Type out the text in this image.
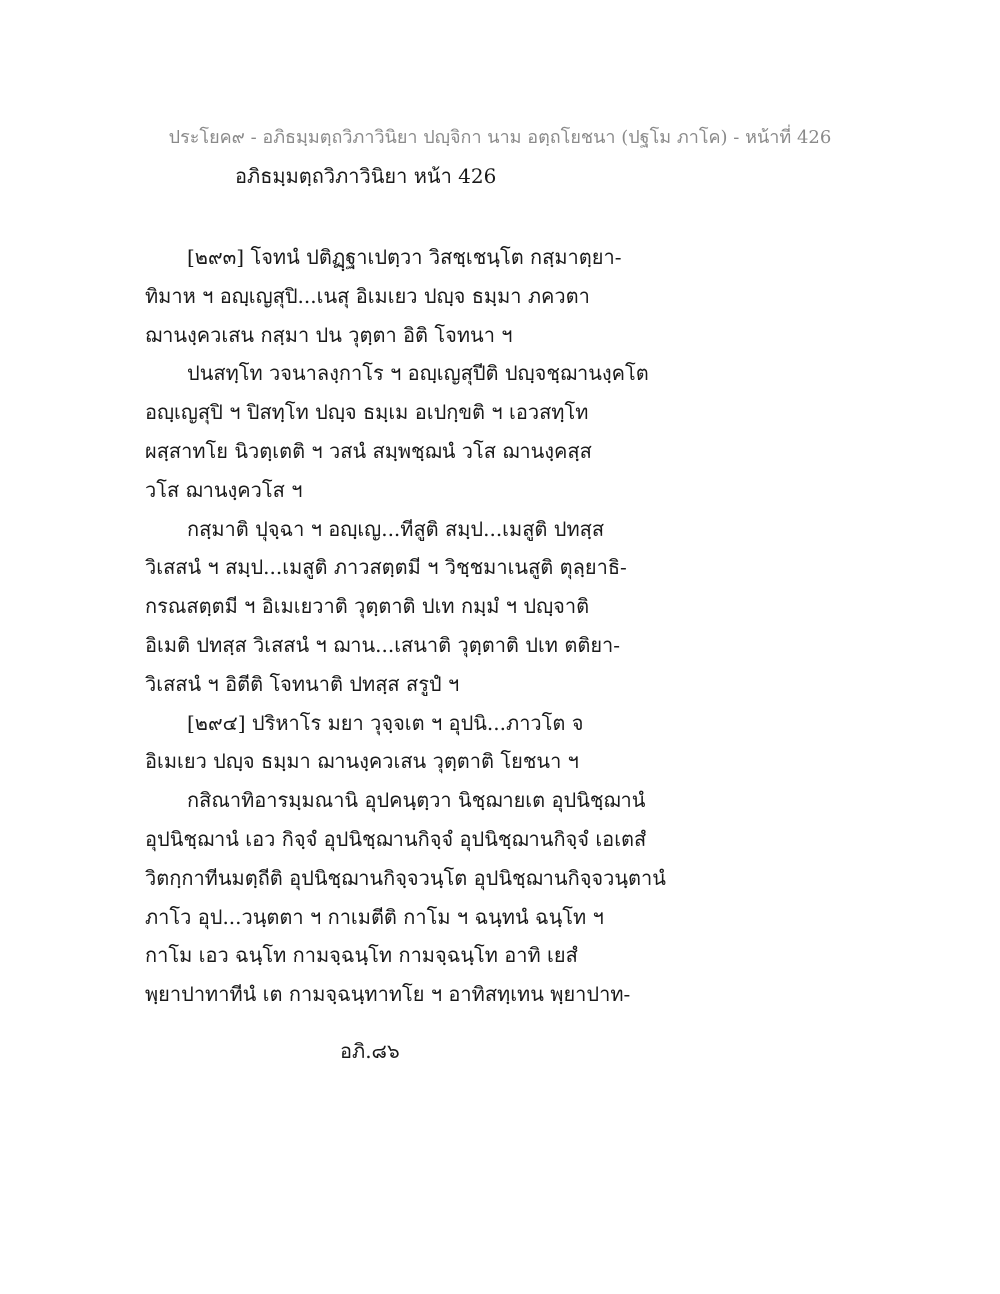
ประโยค๙ - อภิธมฺมตฺถวิภาวินิยา ปญฺจิกา นาม อตฺถโยชนา (ปฐโม ภาโค) - หน้าที่ 426
อภิธมฺมตฺถวิภาวินิยา หน้า 426
[๒๙๓] โจทนํ ปติฏฺฐาเปตฺวา วิสชฺเชนฺโต กสฺมาตฺยา-
ทิมาห ฯ อญฺเญสุปิ...เนสุ อิเมเยว ปญฺจ ธมฺมา ภควตา
ฌานงฺควเสน กสฺมา ปน วุตฺตา อิติ โจทนา ฯ
ปนสทฺโท วจนาลงฺกาโร ฯ อญฺเญสุปีติ ปญฺจชฺฌานงฺคโต
อญฺเญสุปิ ฯ ปิสทฺโท ปญฺจ ธมฺเม อเปกฺขติ ฯ เอวสทฺโท
ผสฺสาทโย นิวตฺเตติ ฯ วสนํ สมฺพชฺฌนํ วโส ฌานงฺคสฺส
วโส ฌานงฺควโส ฯ
กสฺมาติ ปุจฺฉา ฯ อญฺเญ...ทีสูติ สมฺป...เมสูติ ปทสฺส
วิเสสนํ ฯ สมฺป...เมสูติ ภาวสตฺตมี ฯ วิชฺชมาเนสูติ ตุลฺยาธิ-
กรณสตฺตมี ฯ อิเมเยวาติ วุตฺตาติ ปเท กมฺมํ ฯ ปญฺจาติ
อิเมติ ปทสฺส วิเสสนํ ฯ ฌาน...เสนาติ วุตฺตาติ ปเท ตติยา-
วิเสสนํ ฯ อิตีติ โจทนาติ ปทสฺส สรูปํ ฯ
[๒๙๔] ปริหาโร มยา วุจฺจเต ฯ อุปนิ...ภาวโต จ
อิเมเยว ปญฺจ ธมฺมา ฌานงฺควเสน วุตฺตาติ โยชนา ฯ
กสิณาทิอารมฺมณานิ อุปคนฺตฺวา นิชฺฌายเต อุปนิชฺฌานํ
อุปนิชฺฌานํ เอว กิจฺจํ อุปนิชฺฌานกิจฺจํ อุปนิชฺฌานกิจฺจํ เอเตสํ
วิตกฺกาทีนมตฺถีติ อุปนิชฺฌานกิจฺจวนฺโต อุปนิชฺฌานกิจฺจวนฺตานํ
ภาโว อุป...วนฺตตา ฯ กาเมตีติ กาโม ฯ ฉนฺทนํ ฉนฺโท ฯ
กาโม เอว ฉนฺโท กามจฺฉนฺโท กามจฺฉนฺโท อาทิ เยสํ
พฺยาปาทาทีนํ เต กามจฺฉนฺทาทโย ฯ อาทิสทฺเทน พฺยาปาท-
อภิ.๘๖
